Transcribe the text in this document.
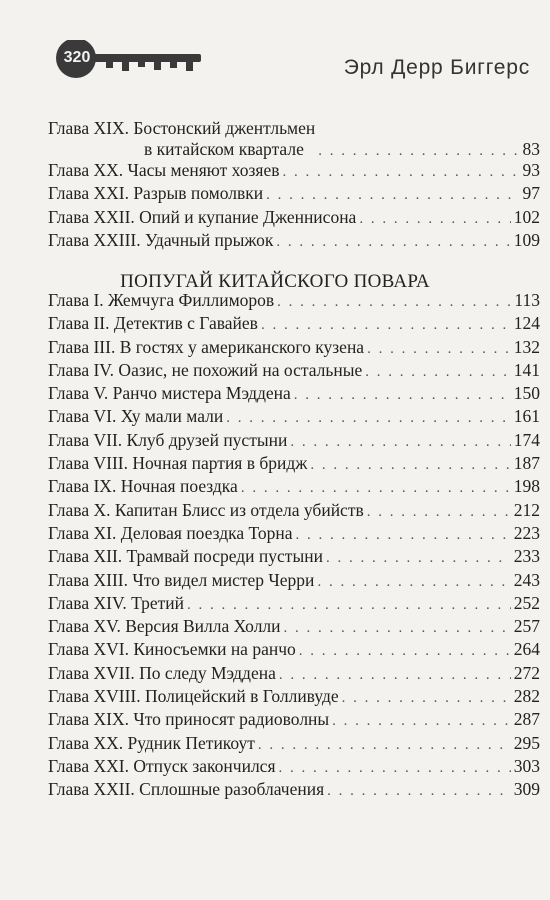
320	Эрл Дерр Биггерс
Глава XIX. Бостонский джентльмен
в китайском квартале . . .	83
Глава XX. Часы меняют хозяев . . .	93
Глава XXI. Разрыв помолвки . . .	97
Глава XXII. Опий и купание Дженнисона . . .	102
Глава XXIII. Удачный прыжок . . .	109
ПОПУГАЙ КИТАЙСКОГО ПОВАРА
Глава I. Жемчуга Филлиморов . . .	113
Глава II. Детектив с Гавайев . . .	124
Глава III. В гостях у американского кузена . . .	132
Глава IV. Оазис, не похожий на остальные . . .	141
Глава V. Ранчо мистера Мэддена . . .	150
Глава VI. Ху мали мали . . .	161
Глава VII. Клуб друзей пустыни . . .	174
Глава VIII. Ночная партия в бридж . . .	187
Глава IX. Ночная поездка . . .	198
Глава X. Капитан Блисс из отдела убийств . . .	212
Глава XI. Деловая поездка Торна . . .	223
Глава XII. Трамвай посреди пустыни . . .	233
Глава XIII. Что видел мистер Черри . . .	243
Глава XIV. Третий . . .	252
Глава XV. Версия Вилла Холли . . .	257
Глава XVI. Киносъемки на ранчо . . .	264
Глава XVII. По следу Мэддена . . .	272
Глава XVIII. Полицейский в Голливуде . . .	282
Глава XIX. Что приносят радиоволны . . .	287
Глава XX. Рудник Петикоут . . .	295
Глава XXI. Отпуск закончился . . .	303
Глава XXII. Сплошные разоблачения . . .	309
